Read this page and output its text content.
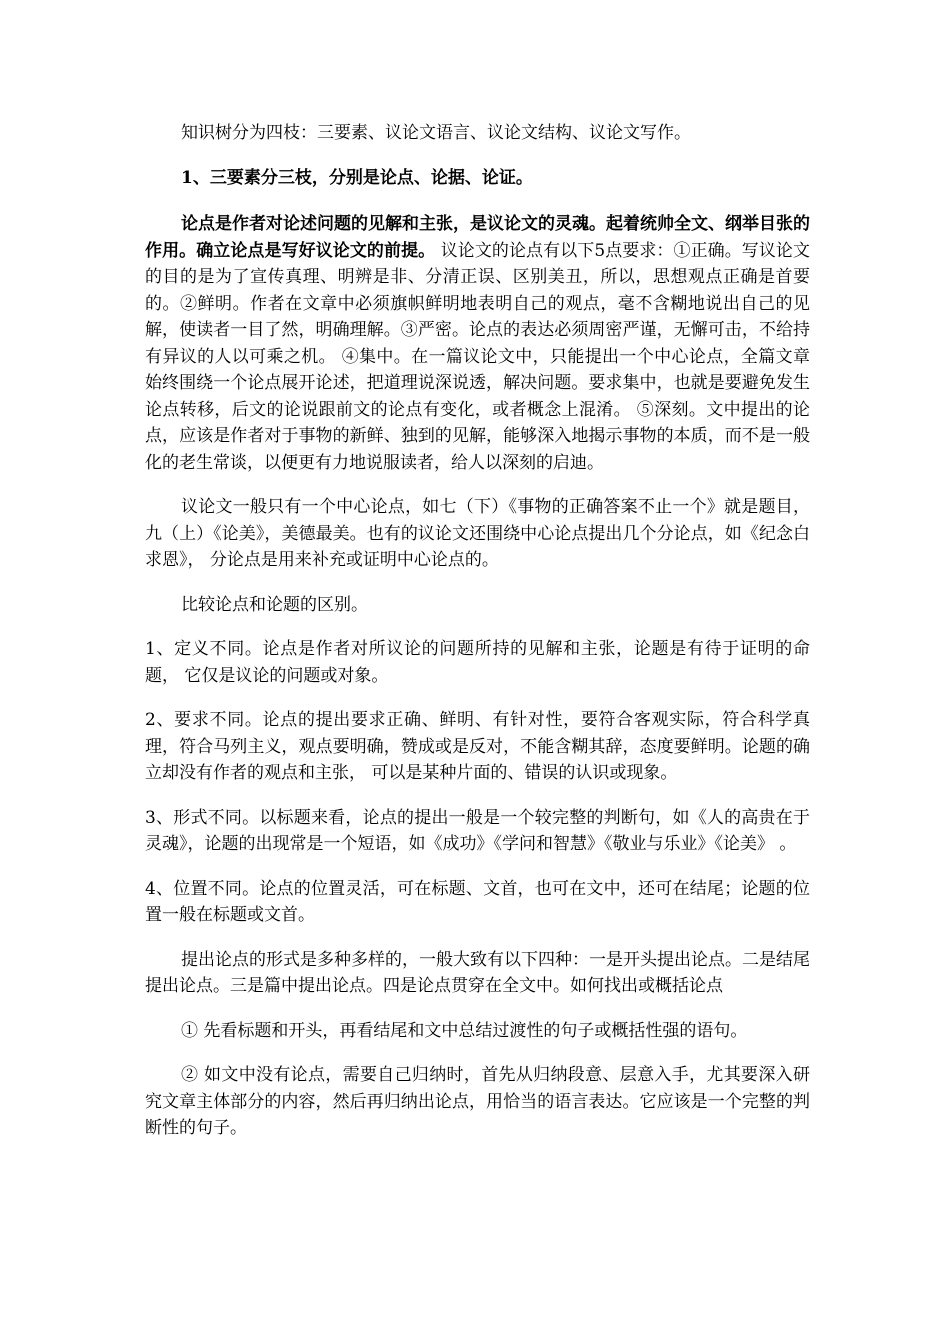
知识树分为四枝：三要素、议论文语言、议论文结构、议论文写作。

1、三要素分三枝，分别是论点、论据、论证。

论点是作者对论述问题的见解和主张，是议论文的灵魂。起着统帅全文、纲举目张的作用。确立论点是写好议论文的前提。 议论文的论点有以下5点要求：①正确。写议论文的目的是为了宣传真理、明辨是非、分清正误、区别美丑，所以，思想观点正确是首要的。②鲜明。作者在文章中必须旗帜鲜明地表明自己的观点，毫不含糊地说出自己的见解，使读者一目了然，明确理解。③严密。论点的表达必须周密严谨，无懈可击，不给持有异议的人以可乘之机。 ④集中。在一篇议论文中，只能提出一个中心论点，全篇文章始终围绕一个论点展开论述，把道理说深说透，解决问题。要求集中，也就是要避免发生论点转移，后文的论说跟前文的论点有变化，或者概念上混淆。 ⑤深刻。文中提出的论点，应该是作者对于事物的新鲜、独到的见解，能够深入地揭示事物的本质，而不是一般化的老生常谈，以便更有力地说服读者，给人以深刻的启迪。

议论文一般只有一个中心论点，如七（下）《事物的正确答案不止一个》就是题目，九（上）《论美》，美德最美。也有的议论文还围绕中心论点提出几个分论点，如《纪念白求恩》， 分论点是用来补充或证明中心论点的。

比较论点和论题的区别。

1、定义不同。论点是作者对所议论的问题所持的见解和主张，论题是有待于证明的命题， 它仅是议论的问题或对象。

2、要求不同。论点的提出要求正确、鲜明、有针对性，要符合客观实际，符合科学真理，符合马列主义，观点要明确，赞成或是反对，不能含糊其辞，态度要鲜明。论题的确立却没有作者的观点和主张， 可以是某种片面的、错误的认识或现象。

3、形式不同。以标题来看，论点的提出一般是一个较完整的判断句，如《人的高贵在于灵魂》，论题的出现常是一个短语，如《成功》《学问和智慧》《敬业与乐业》《论美》 。

4、位置不同。论点的位置灵活，可在标题、文首，也可在文中，还可在结尾；论题的位置一般在标题或文首。

提出论点的形式是多种多样的，一般大致有以下四种：一是开头提出论点。二是结尾提出论点。三是篇中提出论点。四是论点贯穿在全文中。如何找出或概括论点

① 先看标题和开头，再看结尾和文中总结过渡性的句子或概括性强的语句。

② 如文中没有论点，需要自己归纳时，首先从归纳段意、层意入手，尤其要深入研究文章主体部分的内容，然后再归纳出论点，用恰当的语言表达。它应该是一个完整的判断性的句子。
